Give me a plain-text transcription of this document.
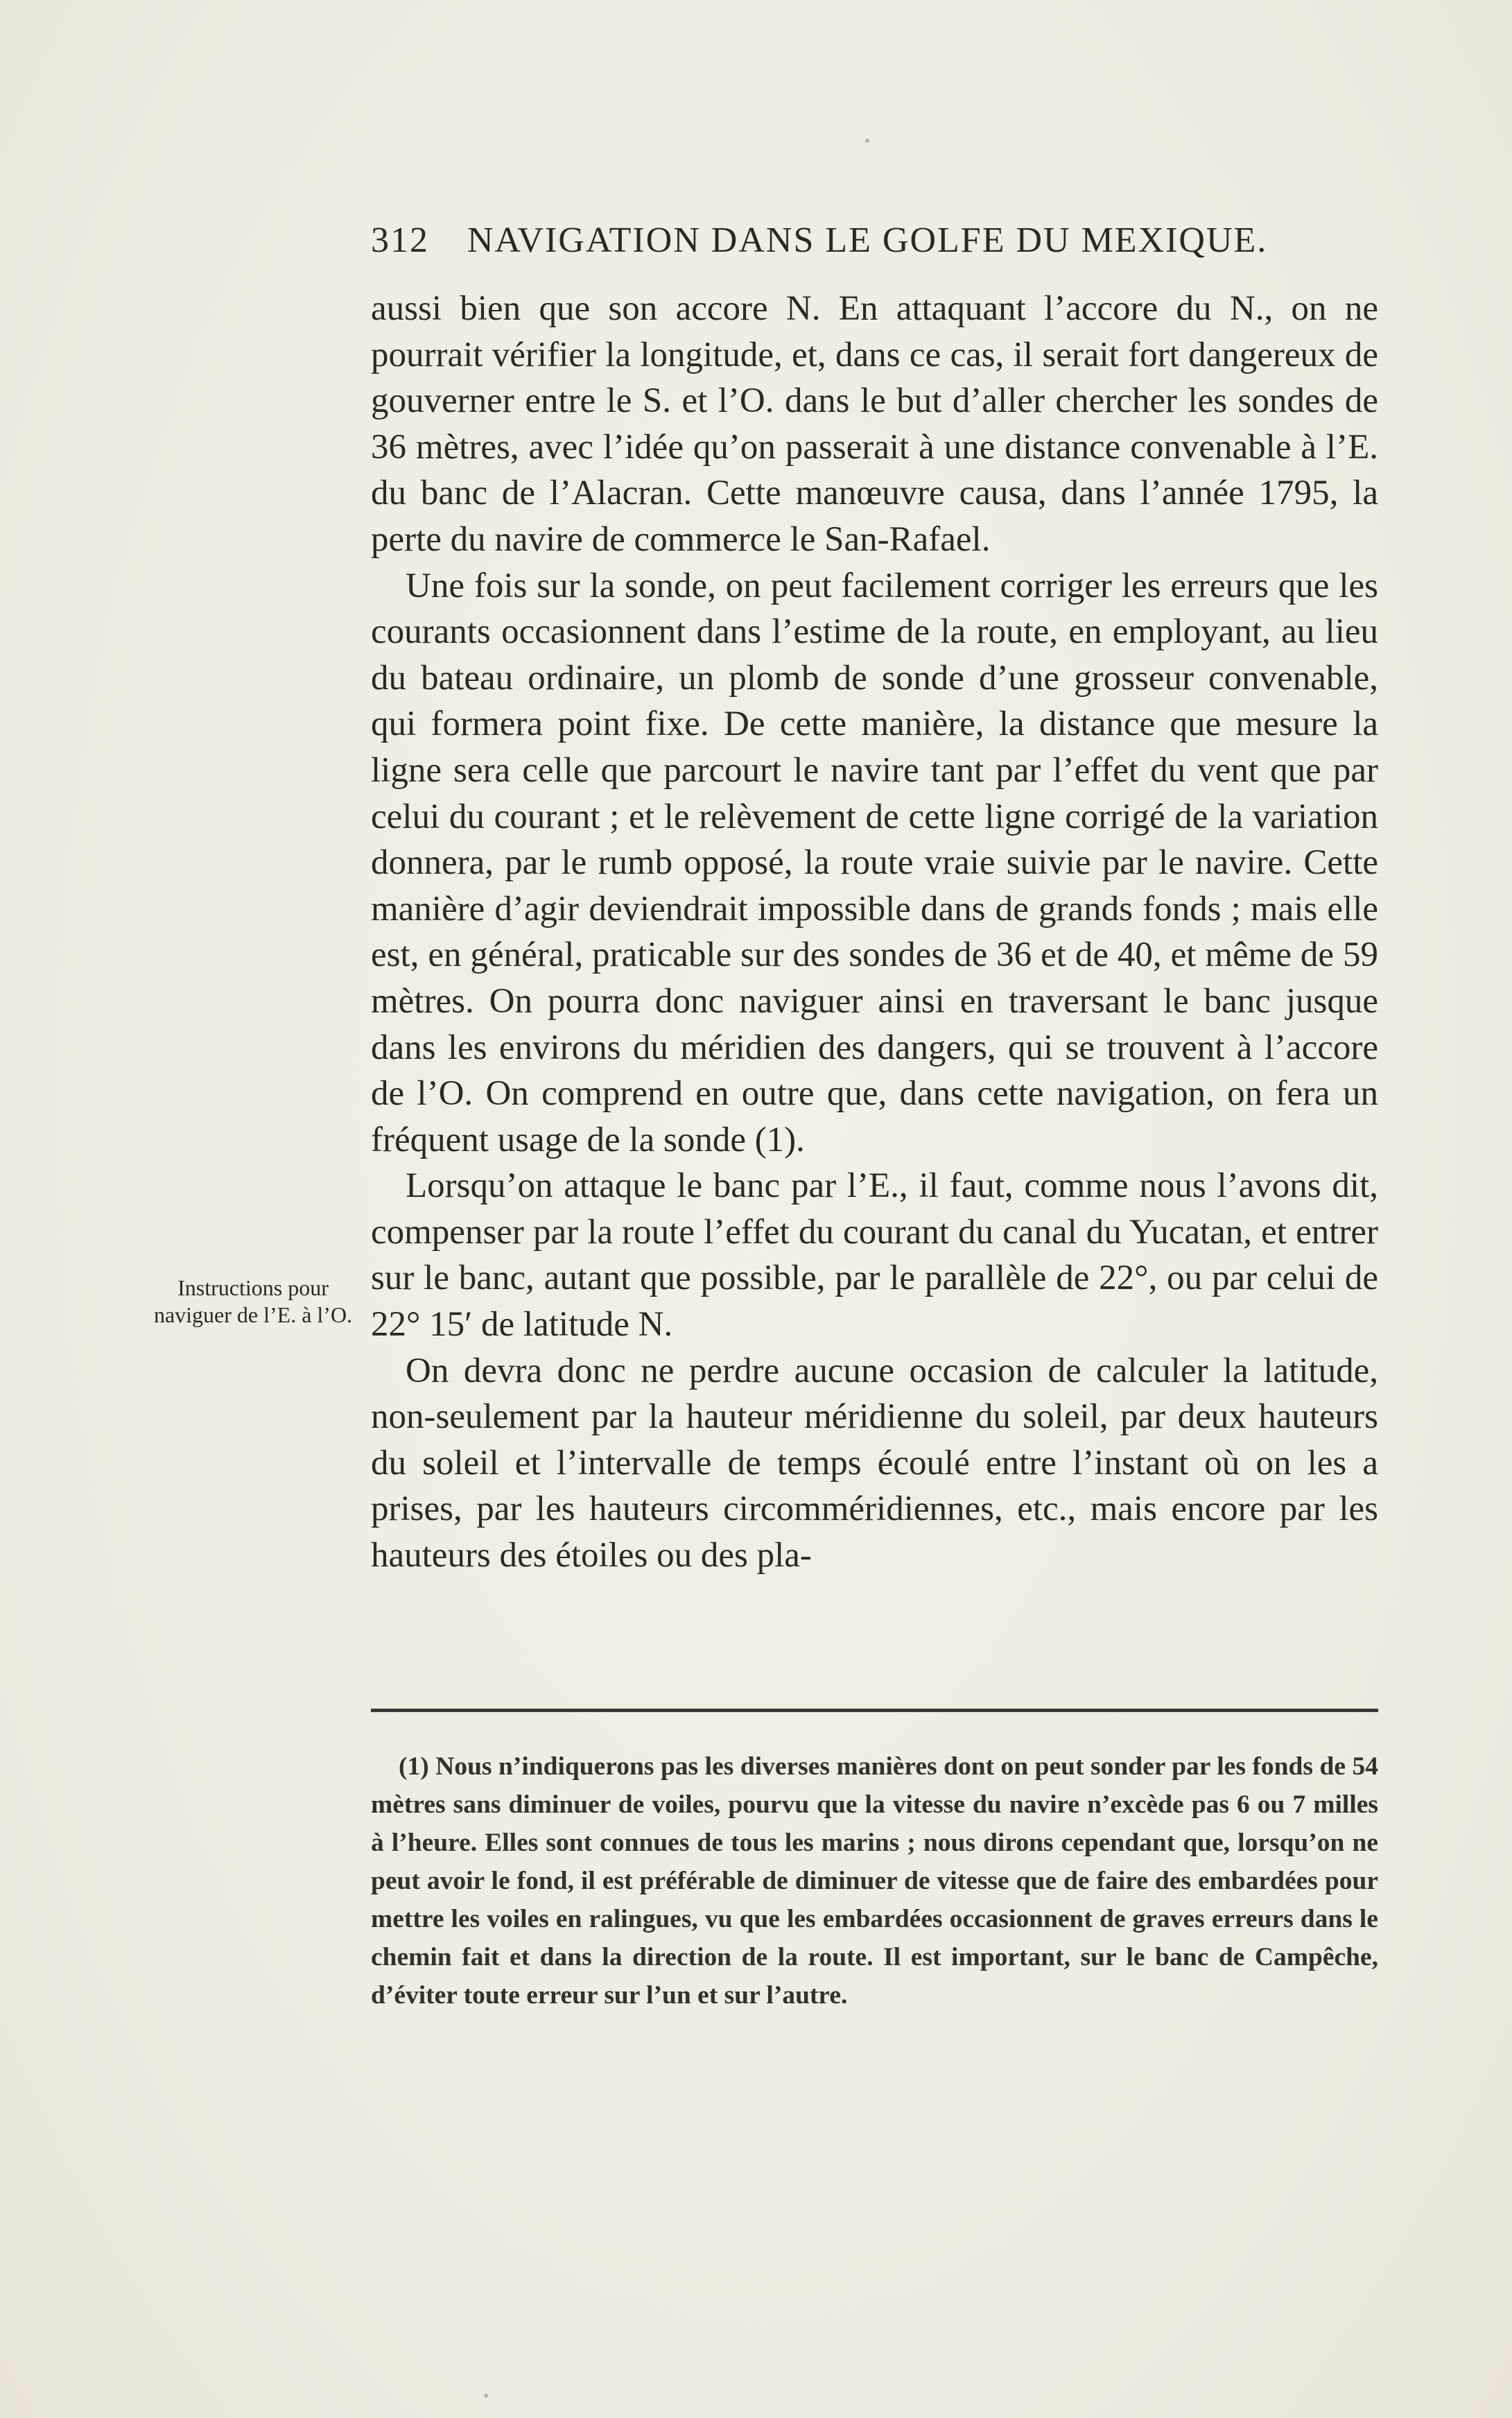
312 NAVIGATION DANS LE GOLFE DU MEXIQUE.

aussi bien que son accore N. En attaquant l’accore du N., on ne pourrait vérifier la longitude, et, dans ce cas, il serait fort dangereux de gouverner entre le S. et l’O. dans le but d’aller chercher les sondes de 36 mètres, avec l’idée qu’on passerait à une distance convenable à l’E. du banc de l’Alacran. Cette manœuvre causa, dans l’année 1795, la perte du navire de commerce le San-Rafael.

Une fois sur la sonde, on peut facilement corriger les erreurs que les courants occasionnent dans l’estime de la route, en employant, au lieu du bateau ordinaire, un plomb de sonde d’une grosseur convenable, qui formera point fixe. De cette manière, la distance que mesure la ligne sera celle que parcourt le navire tant par l’effet du vent que par celui du courant ; et le relèvement de cette ligne corrigé de la variation donnera, par le rumb opposé, la route vraie suivie par le navire. Cette manière d’agir deviendrait impossible dans de grands fonds ; mais elle est, en général, praticable sur des sondes de 36 et de 40, et même de 59 mètres. On pourra donc naviguer ainsi en traversant le banc jusque dans les environs du méridien des dangers, qui se trouvent à l’accore de l’O. On comprend en outre que, dans cette navigation, on fera un fréquent usage de la sonde (1).

Lorsqu’on attaque le banc par l’E., il faut, comme nous l’avons dit, compenser par la route l’effet du courant du canal du Yucatan, et entrer sur le banc, autant que possible, par le parallèle de 22°, ou par celui de 22° 15′ de latitude N.

On devra donc ne perdre aucune occasion de calculer la latitude, non-seulement par la hauteur méridienne du soleil, par deux hauteurs du soleil et l’intervalle de temps écoulé entre l’instant où on les a prises, par les hauteurs circomméridiennes, etc., mais encore par les hauteurs des étoiles ou des pla-

Instructions pour naviguer de l’E. à l’O.

(1) Nous n’indiquerons pas les diverses manières dont on peut sonder par les fonds de 54 mètres sans diminuer de voiles, pourvu que la vitesse du navire n’excède pas 6 ou 7 milles à l’heure. Elles sont connues de tous les marins ; nous dirons cependant que, lorsqu’on ne peut avoir le fond, il est préférable de diminuer de vitesse que de faire des embardées pour mettre les voiles en ralingues, vu que les embardées occasionnent de graves erreurs dans le chemin fait et dans la direction de la route. Il est important, sur le banc de Campêche, d’éviter toute erreur sur l’un et sur l’autre.
